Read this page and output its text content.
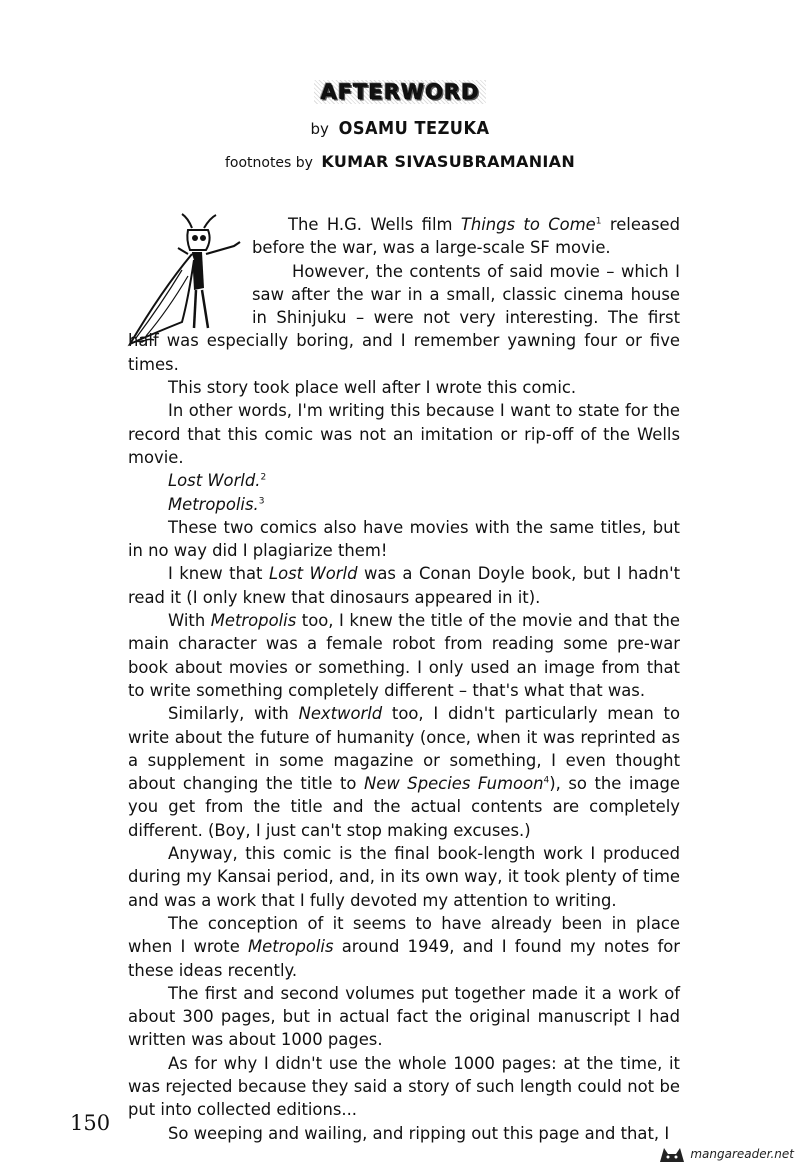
AFTERWORD
by OSAMU TEZUKA
footnotes by KUMAR SIVASUBRAMANIAN

The H.G. Wells film Things to Come$^1$ released before the war, was a large-scale SF movie.

However, the contents of said movie – which I saw after the war in a small, classic cinema house in Shinjuku – were not very interesting. The first half was especially boring, and I remember yawning four or five times.

This story took place well after I wrote this comic.

In other words, I'm writing this because I want to state for the record that this comic was not an imitation or rip-off of the Wells movie.

Lost World.$^2$

Metropolis.$^3$

These two comics also have movies with the same titles, but in no way did I plagiarize them!

I knew that Lost World was a Conan Doyle book, but I hadn't read it (I only knew that dinosaurs appeared in it).

With Metropolis too, I knew the title of the movie and that the main character was a female robot from reading some pre-war book about movies or something. I only used an image from that to write something completely different – that's what that was.

Similarly, with Nextworld too, I didn't particularly mean to write about the future of humanity (once, when it was reprinted as a supplement in some magazine or something, I even thought about changing the title to New Species Fumoon$^4$), so the image you get from the title and the actual contents are completely different. (Boy, I just can't stop making excuses.)

Anyway, this comic is the final book-length work I produced during my Kansai period, and, in its own way, it took plenty of time and was a work that I fully devoted my attention to writing.

The conception of it seems to have already been in place when I wrote Metropolis around 1949, and I found my notes for these ideas recently.

The first and second volumes put together made it a work of about 300 pages, but in actual fact the original manuscript I had written was about 1000 pages.

As for why I didn't use the whole 1000 pages: at the time, it was rejected because they said a story of such length could not be put into collected editions...

So weeping and wailing, and ripping out this page and that, I

150
mangareader.net
